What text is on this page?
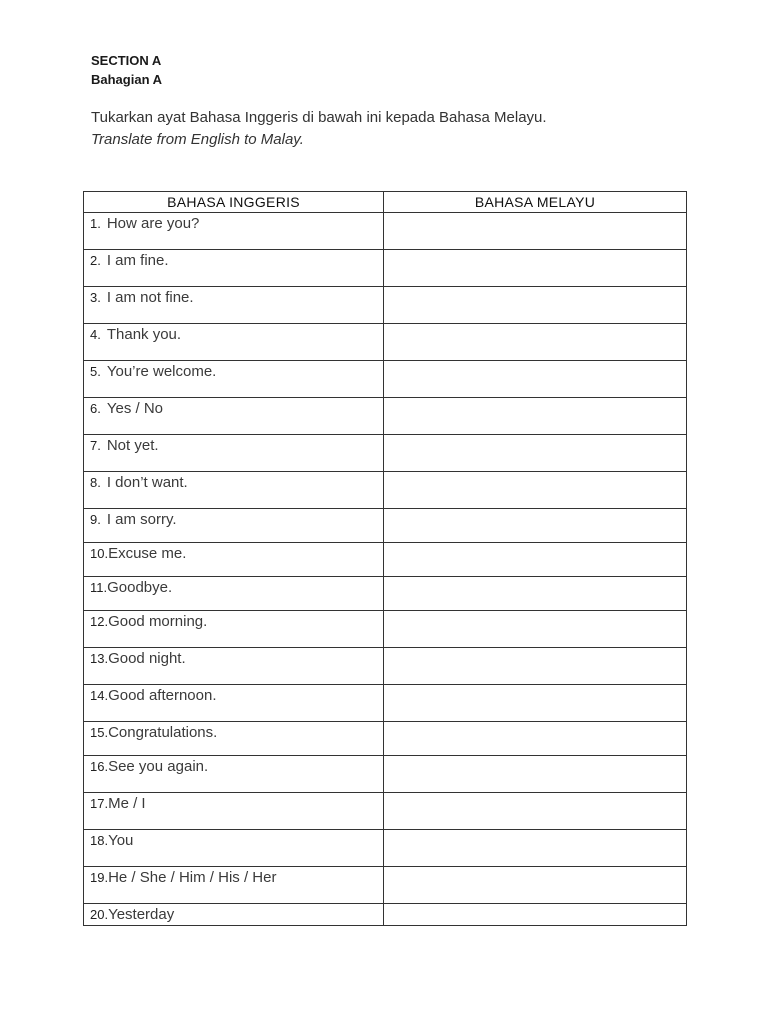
SECTION A

Bahagian A

Tukarkan ayat Bahasa Inggeris di bawah ini kepada Bahasa Melayu.

Translate from English to Malay.

BAHASA INGGERIS	BAHASA MELAYU
1. How are you?	
2. I am fine.	
3. I am not fine.	
4. Thank you.	
5. You’re welcome.	
6. Yes / No	
7. Not yet.	
8. I don’t want.	
9. I am sorry.	
10.Excuse me.	
11.Goodbye.	
12.Good morning.	
13.Good night.	
14.Good afternoon.	
15.Congratulations.	
16.See you again.	
17.Me / I	
18.You	
19.He / She / Him / His / Her	
20.Yesterday	
